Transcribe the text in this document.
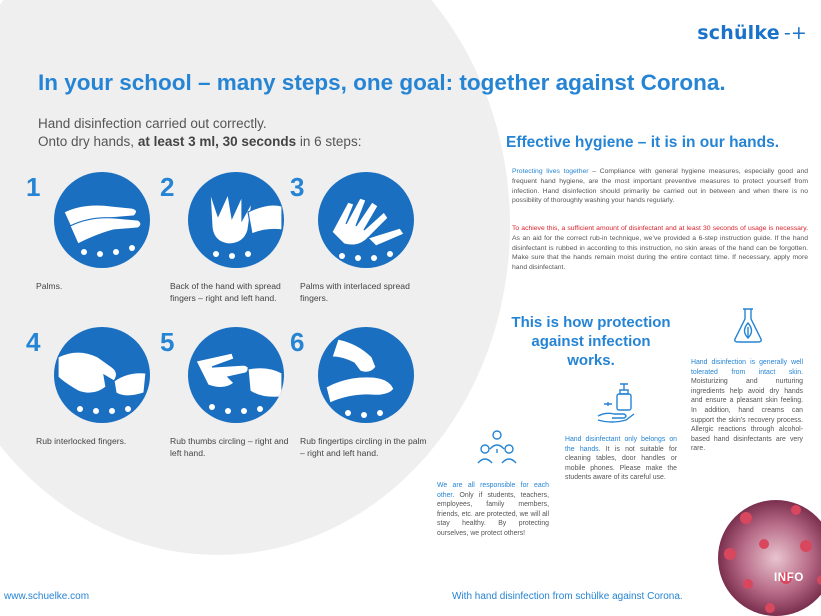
schülke -+
In your school – many steps, one goal: together against Corona.
Hand disinfection carried out correctly.
Onto dry hands, at least 3 ml, 30 seconds in 6 steps:
1
Palms.
2
Back of the hand with spread fingers – right and left hand.
3
Palms with interlaced spread fingers.
4
Rub interlocked fingers.
5
Rub thumbs circling – right and left hand.
6
Rub fingertips circling in the palm – right and left hand.
Effective hygiene – it is in our hands.

Protecting lives together – Compliance with general hygiene measures, especially good and frequent hand hygiene, are the most important preventive measures to protect yourself from infection. Hand disinfection should primarily be carried out in between and when there is no possibility of thoroughly washing your hands regularly.

To achieve this, a sufficient amount of disinfectant and at least 30 seconds of usage is necessary. As an aid for the correct rub-in technique, we’ve provided a 6-step instruction guide. If the hand disinfectant is rubbed in according to this instruction, no skin areas of the hand can be forgotten. Make sure that the hands remain moist during the entire contact time. If necessary, apply more hand disinfectant.

This is how protection against infection works.

We are all responsible for each other. Only if students, teachers, employees, family members, friends, etc. are protected, we will all stay healthy. By protecting ourselves, we protect others!

Hand disinfectant only belongs on the hands. It is not suitable for cleaning tables, door handles or mobile phones. Please make the students aware of its careful use.

Hand disinfection is generally well tolerated from intact skin. Moisturizing and nurturing ingredients help avoid dry hands and ensure a pleasant skin feeling. In addition, hand creams can support the skin’s recovery process. Allergic reactions through alcohol-based hand disinfectants are very rare.

INFO
www.schuelke.com	With hand disinfection from schülke against Corona.
